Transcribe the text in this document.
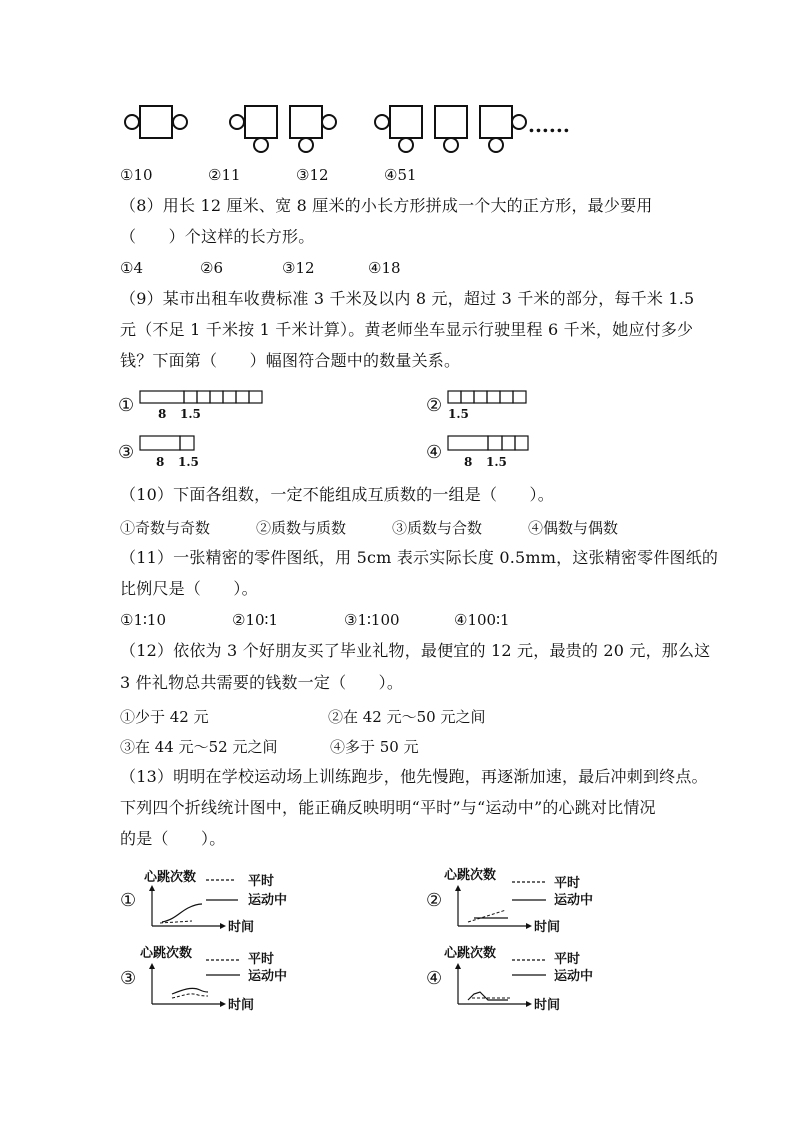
......
①10	②11	③12	④51
（8）用长 12 厘米、宽 8 厘米的小长方形拼成一个大的正方形，最少要用
（　　）个这样的长方形。
①4	②6	③12	④18
（9）某市出租车收费标准 3 千米及以内 8 元，超过 3 千米的部分，每千米 1.5
元（不足 1 千米按 1 千米计算）。黄老师坐车显示行驶里程 6 千米，她应付多少
钱？下面第（　　）幅图符合题中的数量关系。
① 8 1.5	② 1.5
③ 8 1.5	④ 8 1.5
（10）下面各组数，一定不能组成互质数的一组是（　　）。
①奇数与奇数	②质数与质数	③质数与合数	④偶数与偶数
（11）一张精密的零件图纸，用 5cm 表示实际长度 0.5mm，这张精密零件图纸的
比例尺是（　　）。
①1∶10	②10∶1	③1∶100	④100∶1
（12）依依为 3 个好朋友买了毕业礼物，最便宜的 12 元，最贵的 20 元，那么这
3 件礼物总共需要的钱数一定（　　）。
①少于 42 元	②在 42 元～50 元之间
③在 44 元～52 元之间	④多于 50 元
（13）明明在学校运动场上训练跑步，他先慢跑，再逐渐加速，最后冲刺到终点。
下列四个折线统计图中，能正确反映明明“平时”与“运动中”的心跳对比情况
的是（　　）。
①
心跳次数	平时
运动中
时间
②
心跳次数
平时
运动中
时间
③
心跳次数	平时
运动中
时间
④
心跳次数	平时
运动中
时间
